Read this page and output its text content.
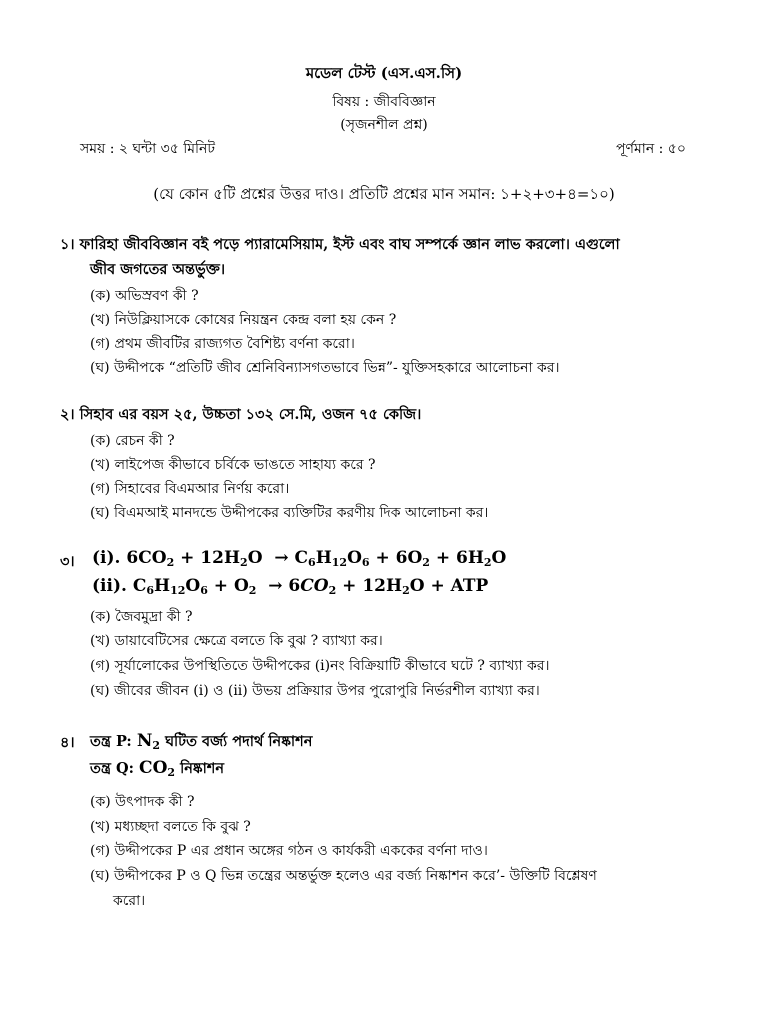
মডেল টেস্ট (এস.এস.সি)
বিষয় : জীববিজ্ঞান
(সৃজনশীল প্রশ্ন)
সময় : ২ ঘন্টা ৩৫ মিনিট	পূর্ণমান : ৫০
(যে কোন ৫টি প্রশ্নের উত্তর দাও। প্রতিটি প্রশ্নের মান সমান: ১+২+৩+৪=১০)
১। ফারিহা জীববিজ্ঞান বই পড়ে প্যারামেসিয়াম, ইস্ট এবং বাঘ সম্পর্কে জ্ঞান লাভ করলো। এগুলো
জীব জগতের অন্তর্ভুক্ত।
(ক) অভিস্রবণ কী ?
(খ) নিউক্লিয়াসকে কোষের নিয়ন্ত্রন কেন্দ্র বলা হয় কেন ?
(গ) প্রথম জীবটির রাজ্যগত বৈশিষ্ট্য বর্ণনা করো।
(ঘ) উদ্দীপকে “প্রতিটি জীব শ্রেনিবিন্যাসগতভাবে ভিন্ন”- যুক্তিসহকারে আলোচনা কর।
২। সিহাব এর বয়স ২৫, উচ্চতা ১৩২ সে.মি, ওজন ৭৫ কেজি।
(ক) রেচন কী ?
(খ) লাইপেজ কীভাবে চর্বিকে ভাঙতে সাহায্য করে ?
(গ) সিহাবের বিএমআর নির্ণয় করো।
(ঘ) বিএমআই মানদন্ডে উদ্দীপকের ব্যক্তিটির করণীয় দিক আলোচনা কর।
৩। (i). $6CO_2 + 12H_2O \to C_6H_{12}O_6 + 6O_2 + 6H_2O$
(ii). $C_6H_{12}O_6 + O_2 \to 6CO_2 + 12H_2O$ + ATP
(ক) জৈবমুদ্রা কী ?
(খ) ডায়াবেটিসের ক্ষেত্রে বলতে কি বুঝ ? ব্যাখ্যা কর।
(গ) সূর্যালোকের উপস্থিতিতে উদ্দীপকের (i)নং বিক্রিয়াটি কীভাবে ঘটে ? ব্যাখ্যা কর।
(ঘ) জীবের জীবন (i) ও (ii) উভয় প্রক্রিয়ার উপর পুরোপুরি নির্ভরশীল ব্যাখ্যা কর।
৪। তন্ত্র P: $N_2$ ঘটিত বর্জ্য পদার্থ নিষ্কাশন
তন্ত্র Q: $CO_2$ নিষ্কাশন
(ক) উৎপাদক কী ?
(খ) মধ্যচ্ছদা বলতে কি বুঝ ?
(গ) উদ্দীপকের P এর প্রধান অঙ্গের গঠন ও কার্যকরী এককের বর্ণনা দাও।
(ঘ) উদ্দীপকের P ও Q ভিন্ন তন্ত্রের অন্তর্ভুক্ত হলেও এর বর্জ্য নিষ্কাশন করে’- উক্তিটি বিশ্লেষণ
করো।
